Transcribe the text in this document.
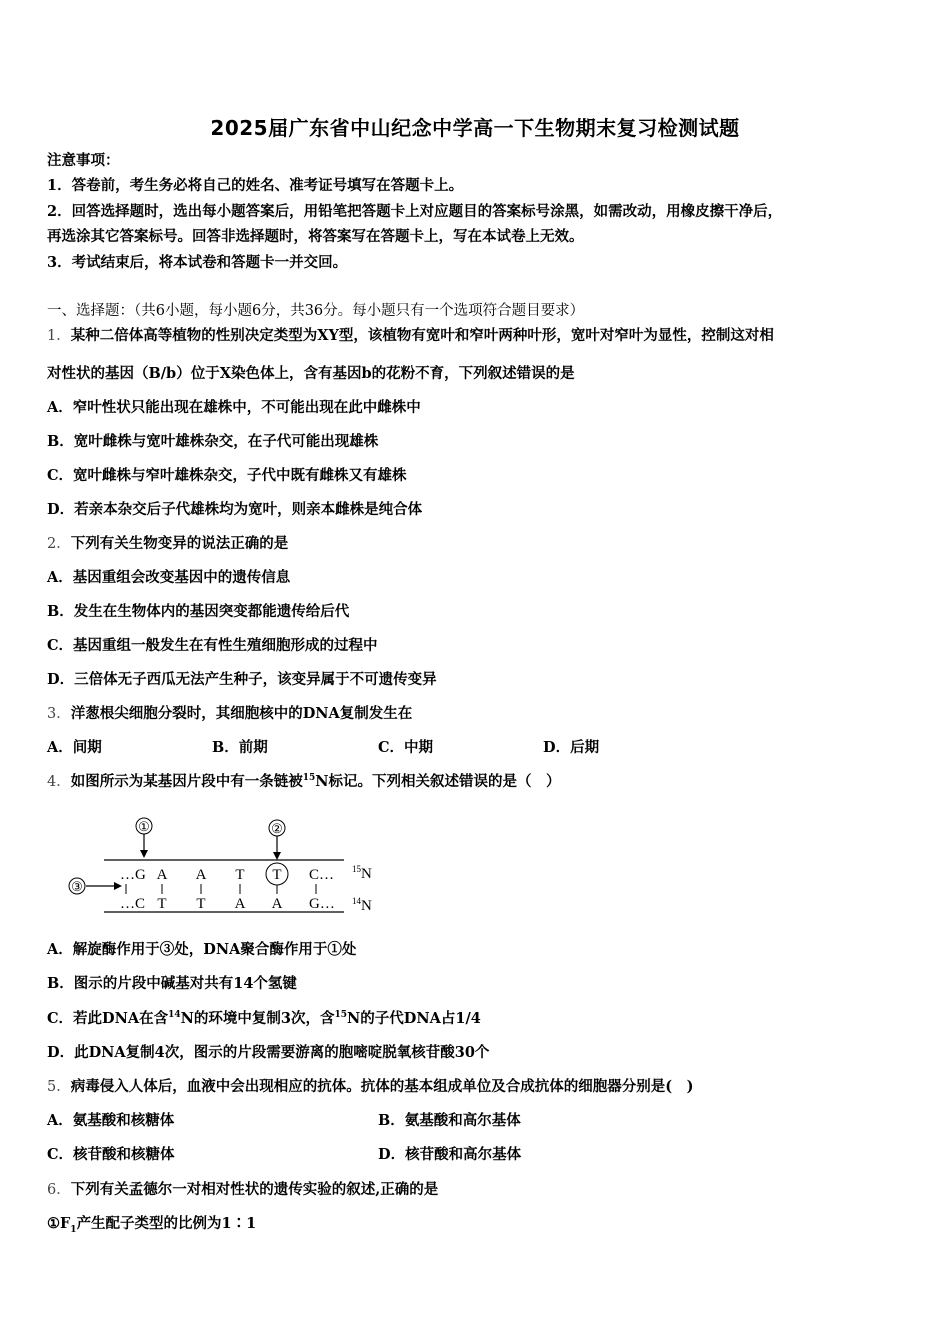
2025届广东省中山纪念中学高一下生物期末复习检测试题
注意事项：
1．答卷前，考生务必将自己的姓名、准考证号填写在答题卡上。
2．回答选择题时，选出每小题答案后，用铅笔把答题卡上对应题目的答案标号涂黑，如需改动，用橡皮擦干净后，
再选涂其它答案标号。回答非选择题时，将答案写在答题卡上，写在本试卷上无效。
3．考试结束后，将本试卷和答题卡一并交回。
一、选择题：（共6小题，每小题6分，共36分。每小题只有一个选项符合题目要求）
1．某种二倍体高等植物的性别决定类型为XY型，该植物有宽叶和窄叶两种叶形，宽叶对窄叶为显性，控制这对相
对性状的基因（B/b）位于X染色体上，含有基因b的花粉不育，下列叙述错误的是
A．窄叶性状只能出现在雄株中，不可能出现在此中雌株中
B．宽叶雌株与宽叶雄株杂交，在子代可能出现雄株
C．宽叶雌株与窄叶雄株杂交，子代中既有雌株又有雄株
D．若亲本杂交后子代雄株均为宽叶，则亲本雌株是纯合体
2．下列有关生物变异的说法正确的是
A．基因重组会改变基因中的遗传信息
B．发生在生物体内的基因突变都能遗传给后代
C．基因重组一般发生在有性生殖细胞形成的过程中
D．三倍体无子西瓜无法产生种子，该变异属于不可遗传变异
3．洋葱根尖细胞分裂时，其细胞核中的DNA复制发生在
A．间期	B．前期	C．中期	D．后期
4．如图所示为某基因片段中有一条链被$^{15}$N标记。下列相关叙述错误的是（　）
①	②
③
…G A A T T C…
…C T T A A G…
$^{15}$N
$^{14}$N
A．解旋酶作用于③处，DNA聚合酶作用于①处
B．图示的片段中碱基对共有14个氢键
C．若此DNA在含$^{14}$N的环境中复制3次，含$^{15}$N的子代DNA占1/4
D．此DNA复制4次，图示的片段需要游离的胞嘧啶脱氧核苷酸30个
5．病毒侵入人体后，血液中会出现相应的抗体。抗体的基本组成单位及合成抗体的细胞器分别是(　)
A．氨基酸和核糖体	B．氨基酸和高尔基体
C．核苷酸和核糖体	D．核苷酸和高尔基体
6．下列有关孟德尔一对相对性状的遗传实验的叙述,正确的是
$①F_1$产生配子类型的比例为1∶1
